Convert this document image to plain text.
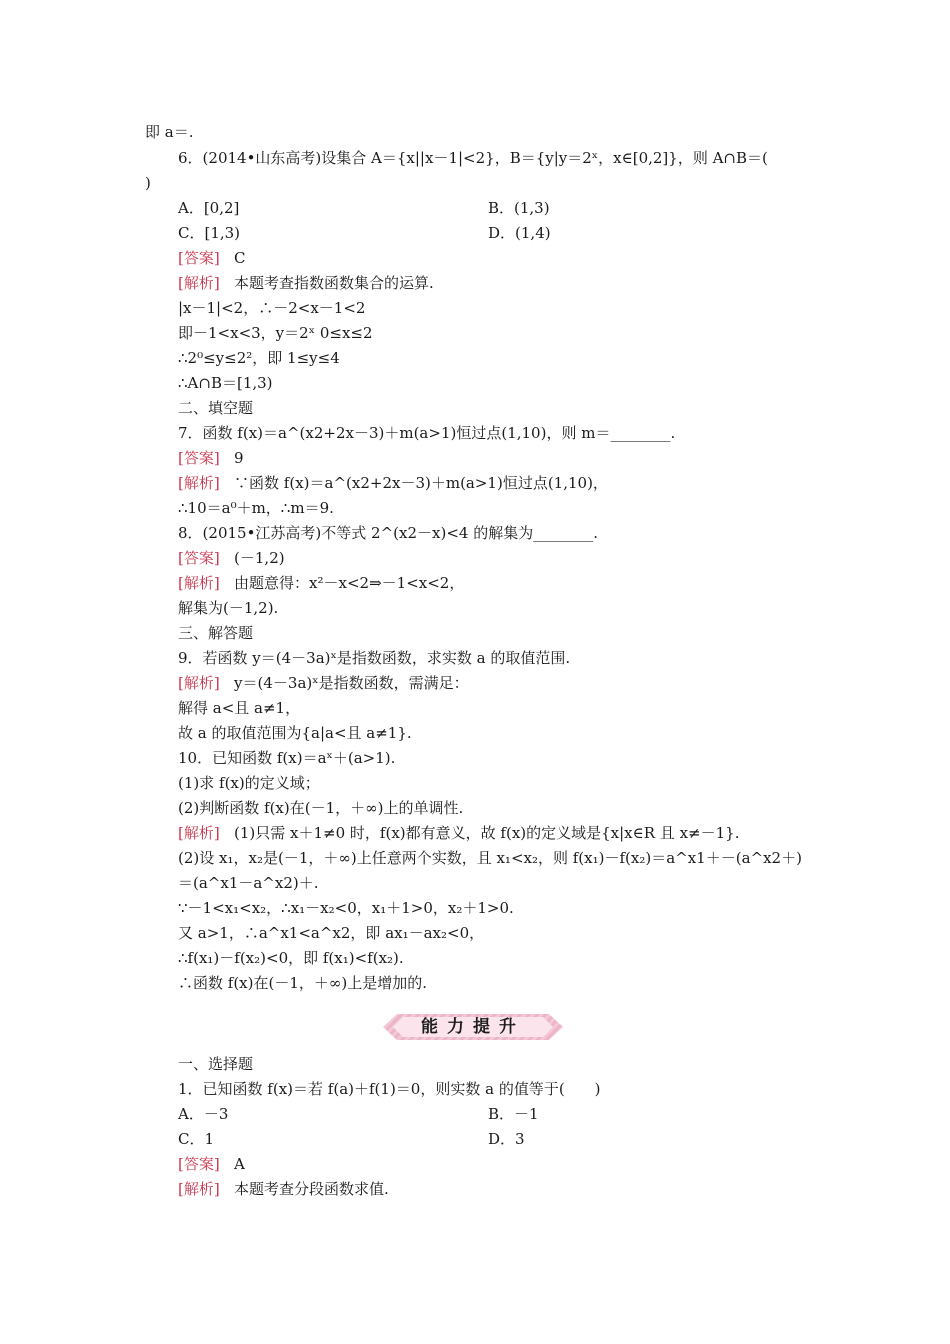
即 a＝.
6．(2014•山东高考)设集合 A＝{x||x－1|<2}，B＝{y|y＝2ˣ，x∈[0,2]}，则 A∩B＝(
)
A．[0,2]	B．(1,3)
C．[1,3)	D．(1,4)
[答案] C
[解析] 本题考查指数函数集合的运算.
|x－1|<2，∴－2<x－1<2
即－1<x<3，y＝2ˣ 0≤x≤2
∴2⁰≤y≤2²，即 1≤y≤4
∴A∩B＝[1,3)
二、填空题
7．函数 f(x)＝a^(x2+2x－3)＋m(a>1)恒过点(1,10)，则 m＝________.
[答案] 9
[解析] ∵函数 f(x)＝a^(x2+2x－3)＋m(a>1)恒过点(1,10)，
∴10＝a⁰＋m，∴m＝9.
8．(2015•江苏高考)不等式 2^(x2－x)<4 的解集为________.
[答案] (－1,2)
[解析] 由题意得：x²－x<2⇒－1<x<2，
解集为(－1,2).
三、解答题
9．若函数 y＝(4－3a)ˣ是指数函数，求实数 a 的取值范围.
[解析] y＝(4－3a)ˣ是指数函数，需满足：
解得 a<且 a≠1，
故 a 的取值范围为{a|a<且 a≠1}.
10．已知函数 f(x)＝aˣ＋(a>1).
(1)求 f(x)的定义域；
(2)判断函数 f(x)在(－1，＋∞)上的单调性.
[解析] (1)只需 x＋1≠0 时，f(x)都有意义，故 f(x)的定义域是{x|x∈R 且 x≠－1}.
(2)设 x₁，x₂是(－1，＋∞)上任意两个实数，且 x₁<x₂，则 f(x₁)－f(x₂)＝a^x1＋－(a^x2＋)
＝(a^x1－a^x2)＋.
∵－1<x₁<x₂，∴x₁－x₂<0，x₁＋1>0，x₂＋1>0.
又 a>1，∴a^x1<a^x2，即 ax₁－ax₂<0，
∴f(x₁)－f(x₂)<0，即 f(x₁)<f(x₂).
∴函数 f(x)在(－1，＋∞)上是增加的.
能力提升
一、选择题
1．已知函数 f(x)＝若 f(a)＋f(1)＝0，则实数 a 的值等于(　　)
A．－3	B．－1
C．1	D．3
[答案] A
[解析] 本题考查分段函数求值.
